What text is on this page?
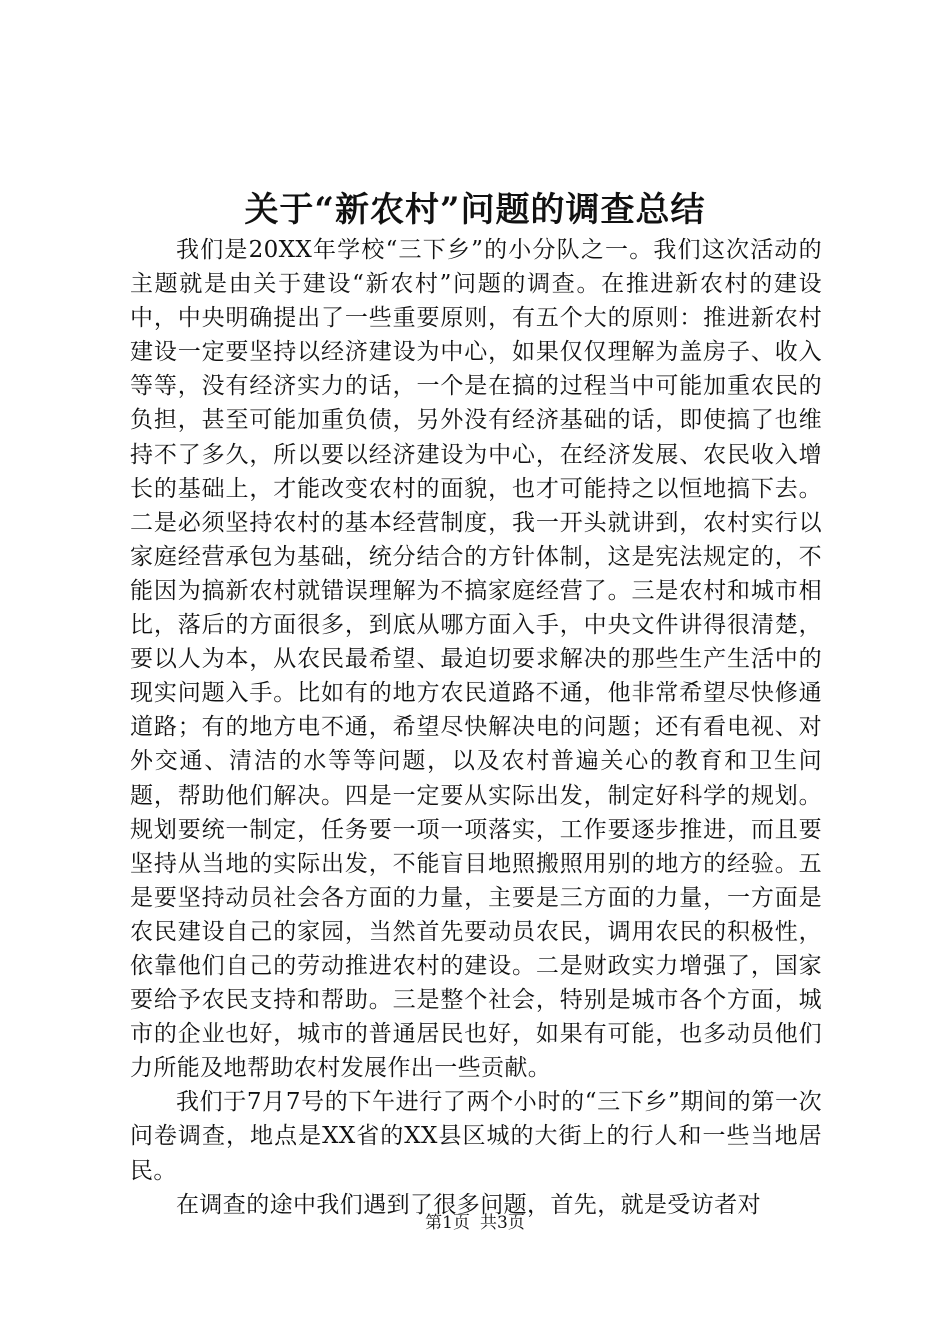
关于“新农村”问题的调查总结

我们是20XX年学校“三下乡”的小分队之一。我们这次活动的主题就是由关于建设“新农村”问题的调查。在推进新农村的建设中，中央明确提出了一些重要原则，有五个大的原则：推进新农村建设一定要坚持以经济建设为中心，如果仅仅理解为盖房子、收入等等，没有经济实力的话，一个是在搞的过程当中可能加重农民的负担，甚至可能加重负债，另外没有经济基础的话，即使搞了也维持不了多久，所以要以经济建设为中心，在经济发展、农民收入增长的基础上，才能改变农村的面貌，也才可能持之以恒地搞下去。二是必须坚持农村的基本经营制度，我一开头就讲到，农村实行以家庭经营承包为基础，统分结合的方针体制，这是宪法规定的，不能因为搞新农村就错误理解为不搞家庭经营了。三是农村和城市相比，落后的方面很多，到底从哪方面入手，中央文件讲得很清楚，要以人为本，从农民最希望、最迫切要求解决的那些生产生活中的现实问题入手。比如有的地方农民道路不通，他非常希望尽快修通道路；有的地方电不通，希望尽快解决电的问题；还有看电视、对外交通、清洁的水等等问题，以及农村普遍关心的教育和卫生问题，帮助他们解决。四是一定要从实际出发，制定好科学的规划。规划要统一制定，任务要一项一项落实，工作要逐步推进，而且要坚持从当地的实际出发，不能盲目地照搬照用别的地方的经验。五是要坚持动员社会各方面的力量，主要是三方面的力量，一方面是农民建设自己的家园，当然首先要动员农民，调用农民的积极性，依靠他们自己的劳动推进农村的建设。二是财政实力增强了，国家要给予农民支持和帮助。三是整个社会，特别是城市各个方面，城市的企业也好，城市的普通居民也好，如果有可能，也多动员他们力所能及地帮助农村发展作出一些贡献。

我们于7月7号的下午进行了两个小时的“三下乡”期间的第一次问卷调查，地点是XX省的XX县区城的大街上的行人和一些当地居民。

在调查的途中我们遇到了很多问题，首先，就是受访者对

第1页 共3页
